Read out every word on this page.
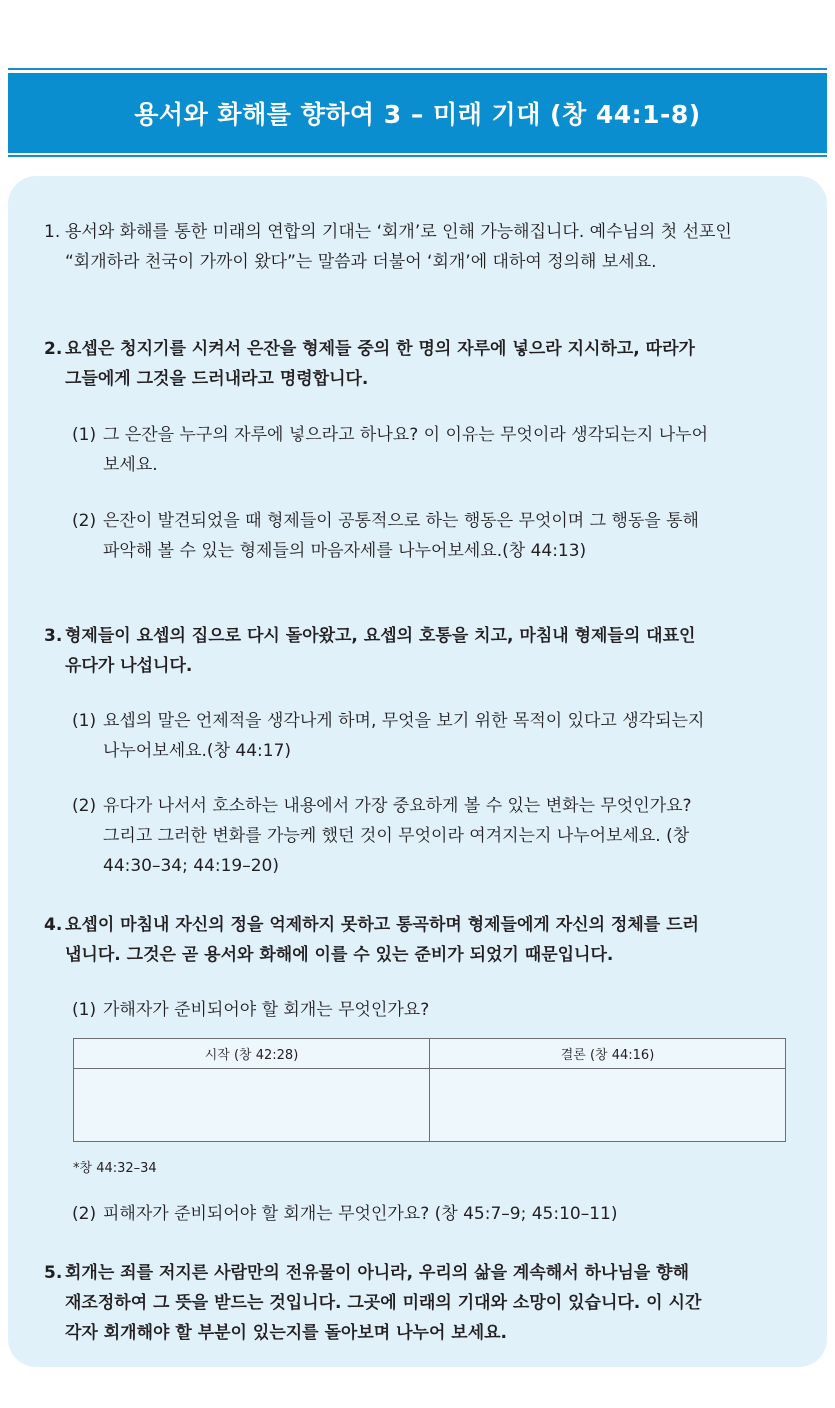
용서와 화해를 향하여 3 – 미래 기대 (창 44:1-8)
1. 용서와 화해를 통한 미래의 연합의 기대는 ‘회개’로 인해 가능해집니다. 예수님의 첫 선포인
“회개하라 천국이 가까이 왔다”는 말씀과 더불어 ‘회개’에 대하여 정의해 보세요.
2. 요셉은 청지기를 시켜서 은잔을 형제들 중의 한 명의 자루에 넣으라 지시하고, 따라가
그들에게 그것을 드러내라고 명령합니다.
(1) 그 은잔을 누구의 자루에 넣으라고 하나요? 이 이유는 무엇이라 생각되는지 나누어
보세요.
(2) 은잔이 발견되었을 때 형제들이 공통적으로 하는 행동은 무엇이며 그 행동을 통해
파악해 볼 수 있는 형제들의 마음자세를 나누어보세요.(창 44:13)
3. 형제들이 요셉의 집으로 다시 돌아왔고, 요셉의 호통을 치고, 마침내 형제들의 대표인
유다가 나섭니다.
(1) 요셉의 말은 언제적을 생각나게 하며, 무엇을 보기 위한 목적이 있다고 생각되는지
나누어보세요.(창 44:17)
(2) 유다가 나서서 호소하는 내용에서 가장 중요하게 볼 수 있는 변화는 무엇인가요?
그리고 그러한 변화를 가능케 했던 것이 무엇이라 여겨지는지 나누어보세요. (창
44:30–34; 44:19–20)
4. 요셉이 마침내 자신의 정을 억제하지 못하고 통곡하며 형제들에게 자신의 정체를 드러
냅니다. 그것은 곧 용서와 화해에 이를 수 있는 준비가 되었기 때문입니다.
(1) 가해자가 준비되어야 할 회개는 무엇인가요?
시작 (창 42:28)	결론 (창 44:16)
*창 44:32–34
(2) 피해자가 준비되어야 할 회개는 무엇인가요? (창 45:7–9; 45:10–11)
5. 회개는 죄를 저지른 사람만의 전유물이 아니라, 우리의 삶을 계속해서 하나님을 향해
재조정하여 그 뜻을 받드는 것입니다. 그곳에 미래의 기대와 소망이 있습니다. 이 시간
각자 회개해야 할 부분이 있는지를 돌아보며 나누어 보세요.
